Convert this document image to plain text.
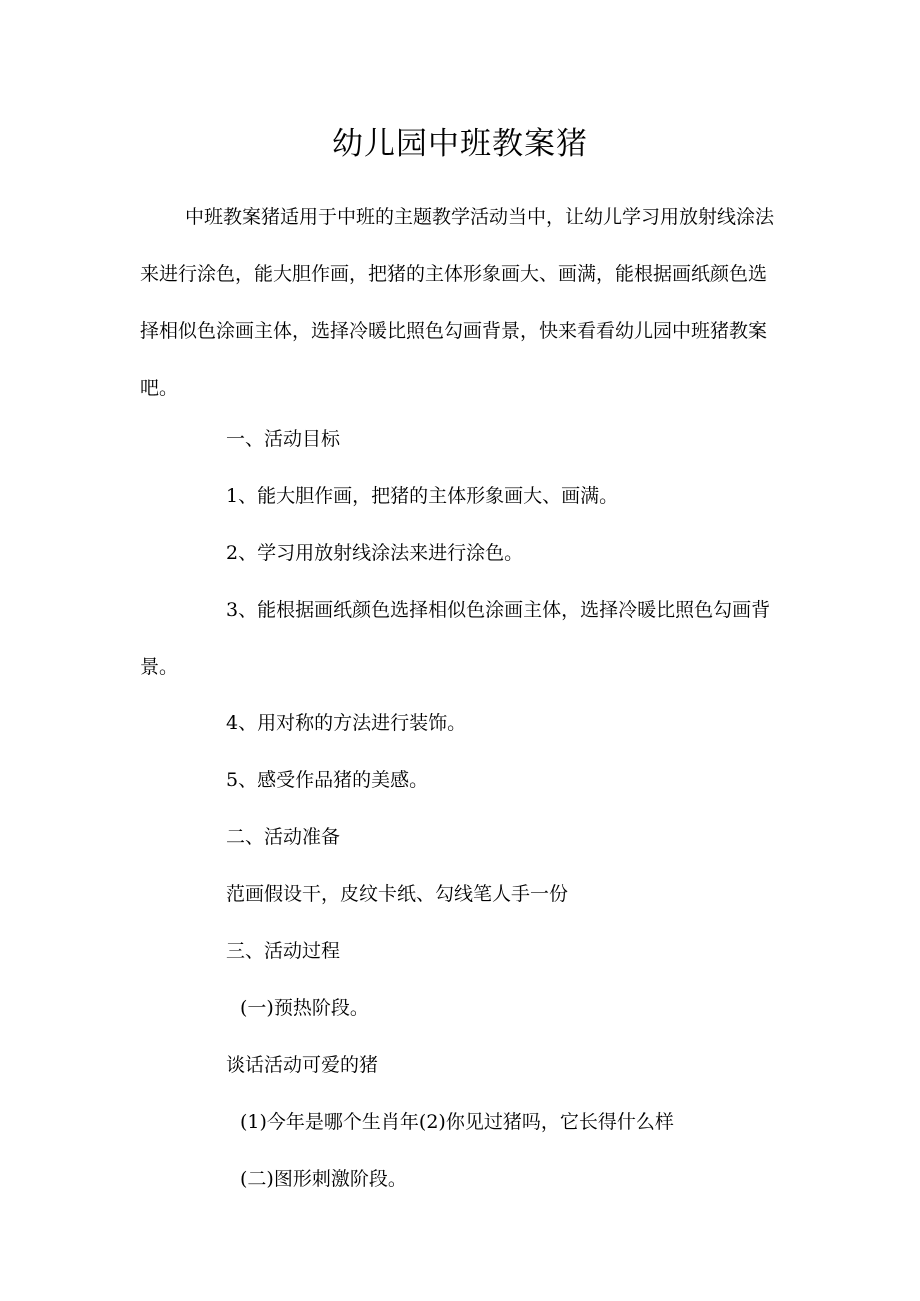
幼儿园中班教案猪

中班教案猪适用于中班的主题教学活动当中，让幼儿学习用放射线涂法来进行涂色，能大胆作画，把猪的主体形象画大、画满，能根据画纸颜色选择相似色涂画主体，选择冷暖比照色勾画背景，快来看看幼儿园中班猪教案吧。

一、活动目标

1、能大胆作画，把猪的主体形象画大、画满。

2、学习用放射线涂法来进行涂色。

3、能根据画纸颜色选择相似色涂画主体，选择冷暖比照色勾画背景。

4、用对称的方法进行装饰。

5、感受作品猪的美感。

二、活动准备

范画假设干，皮纹卡纸、勾线笔人手一份

三、活动过程

(一)预热阶段。

谈话活动可爱的猪

(1)今年是哪个生肖年(2)你见过猪吗，它长得什么样

(二)图形刺激阶段。
